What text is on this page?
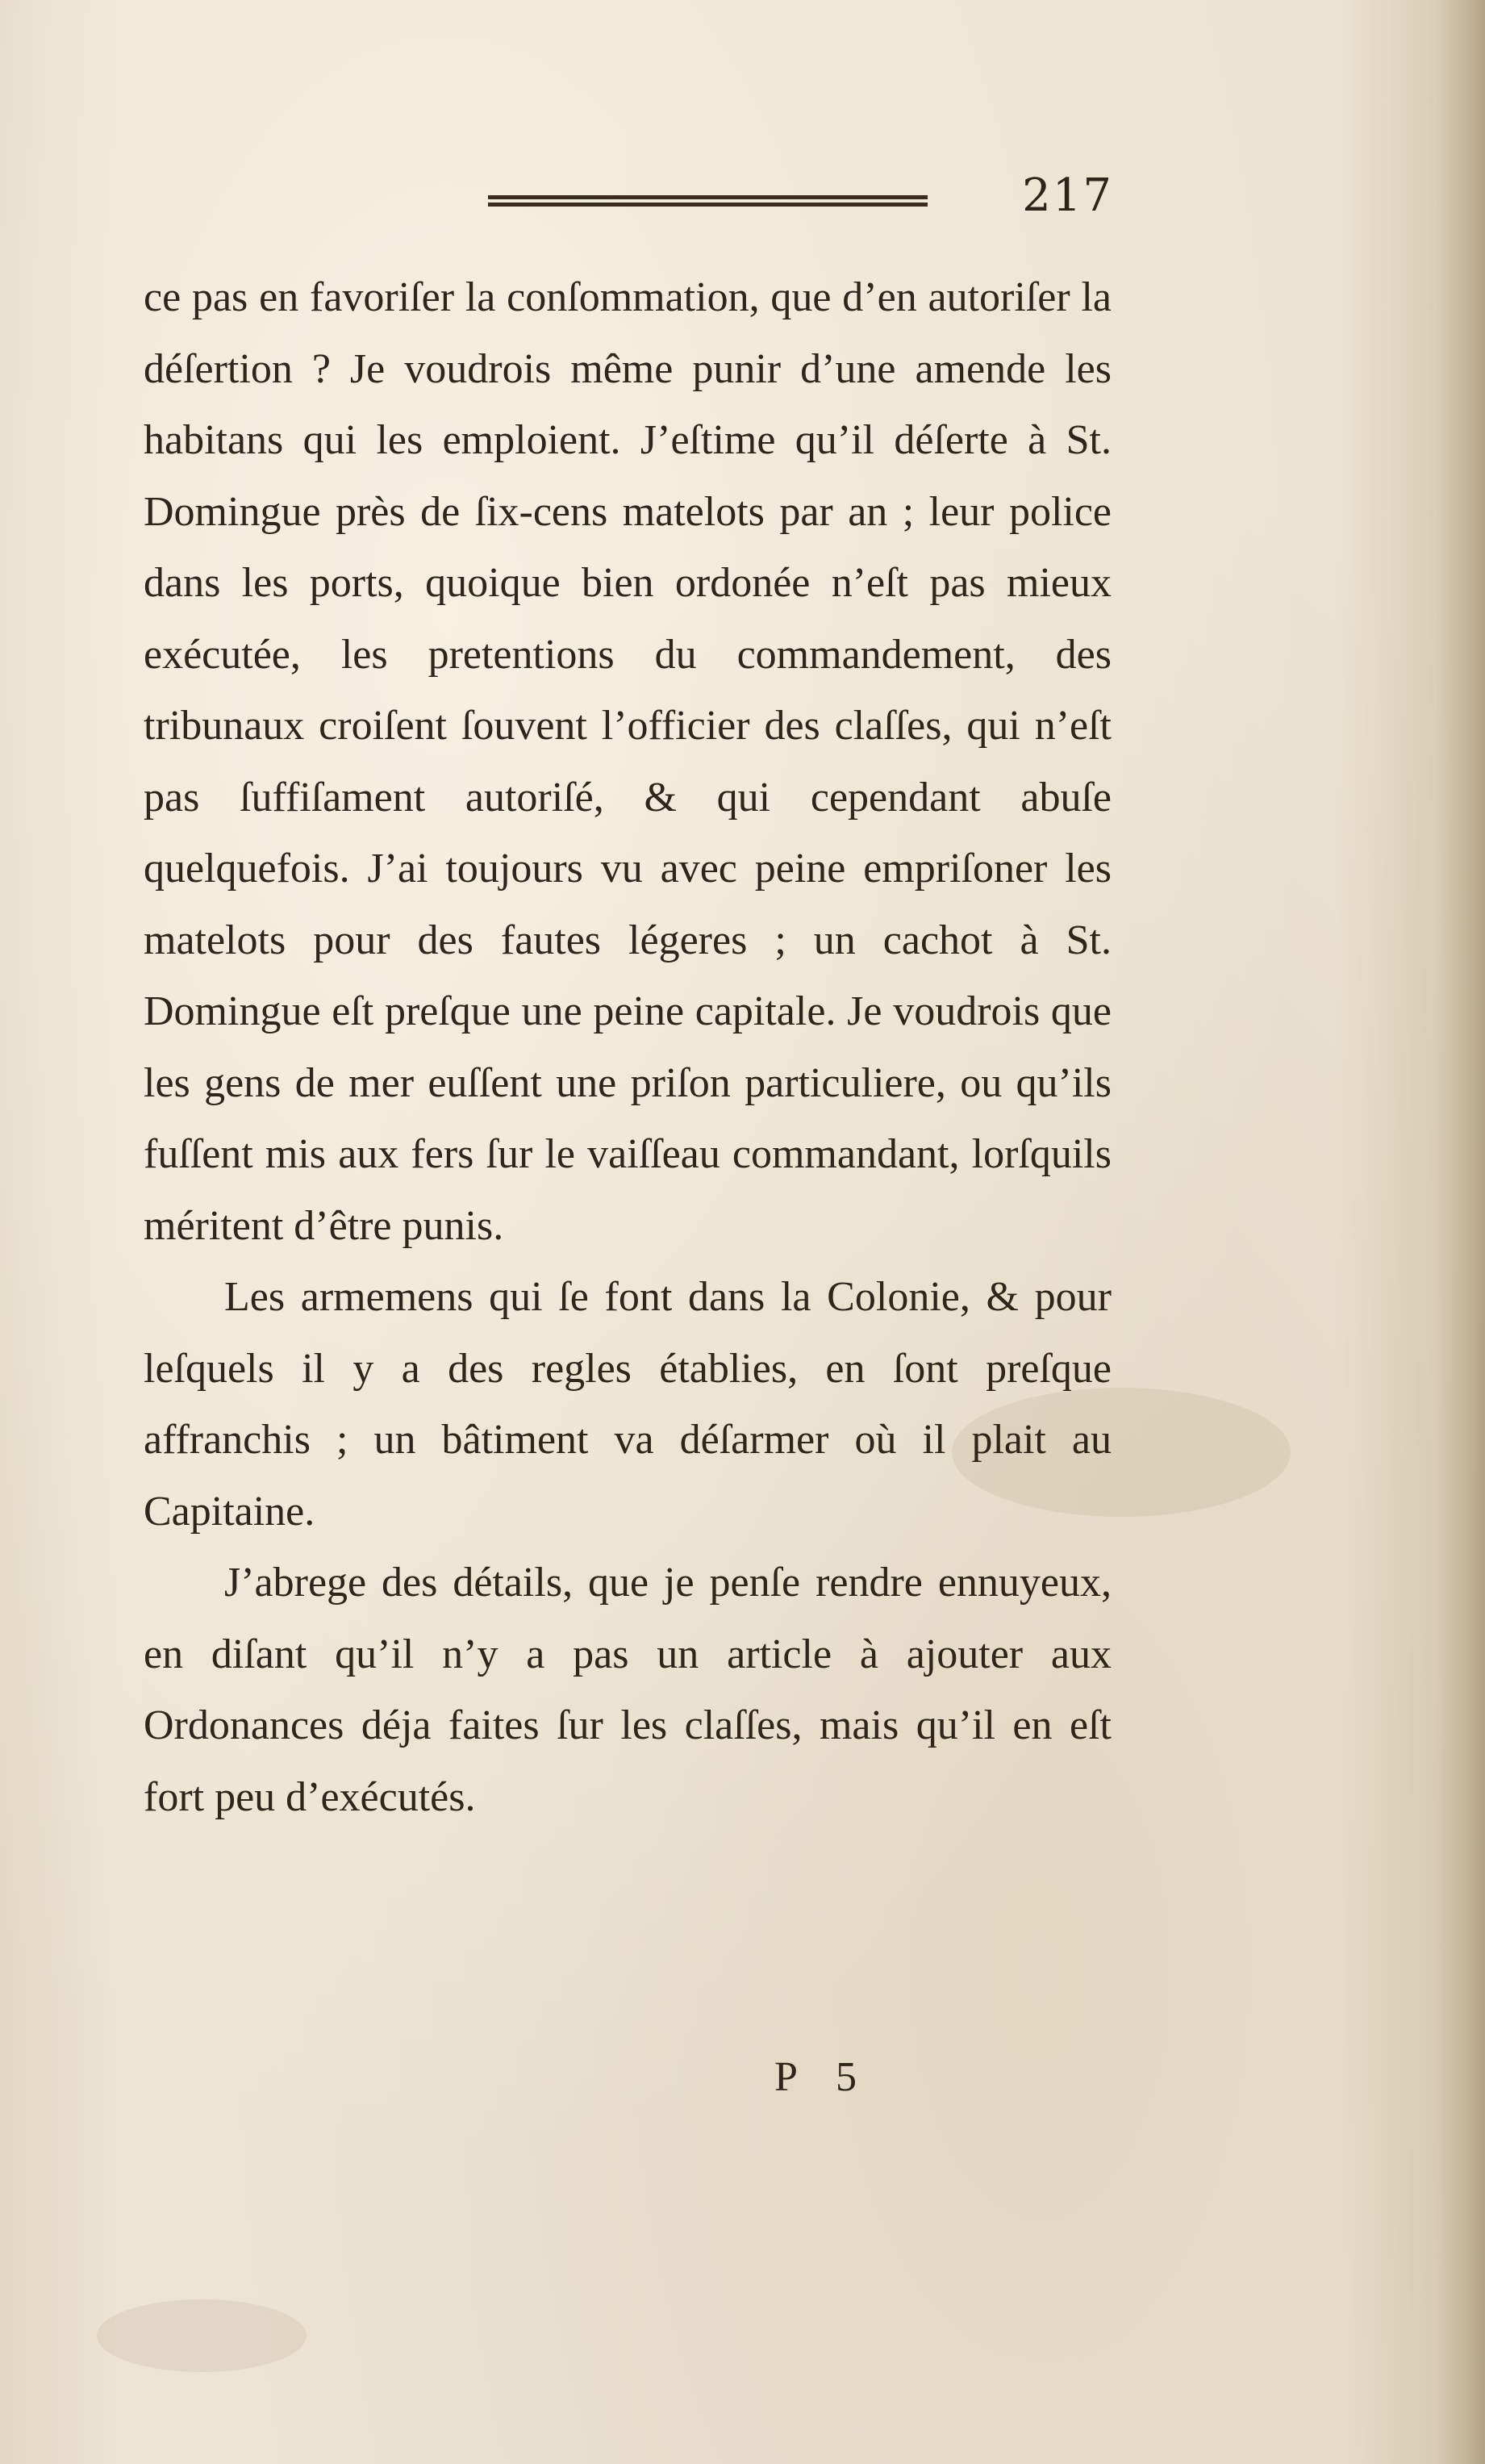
217

ce pas en favoriſer la conſommation, que d’en autoriſer la déſertion ? Je voudrois même punir d’une amende les habitans qui les emploient. J’eſtime qu’il déſerte à St. Domingue près de ſix-cens matelots par an ; leur police dans les ports, quoique bien ordonée n’eſt pas mieux exécutée, les pretentions du commandement, des tribunaux croiſent ſouvent l’officier des claſſes, qui n’eſt pas ſuffiſament autoriſé, & qui cependant abuſe quelquefois. J’ai toujours vu avec peine empriſoner les matelots pour des fautes légeres ; un cachot à St. Domingue eſt preſque une peine capitale. Je voudrois que les gens de mer euſſent une priſon particuliere, ou qu’ils fuſſent mis aux fers ſur le vaiſſeau commandant, lorſquils méritent d’être punis.

Les armemens qui ſe font dans la Colonie, & pour leſquels il y a des regles établies, en ſont preſque affranchis ; un bâtiment va déſarmer où il plait au Capitaine.

J’abrege des détails, que je penſe rendre ennuyeux, en diſant qu’il n’y a pas un article à ajouter aux Ordonances déja faites ſur les claſſes, mais qu’il en eſt fort peu d’exécutés.

P 5
